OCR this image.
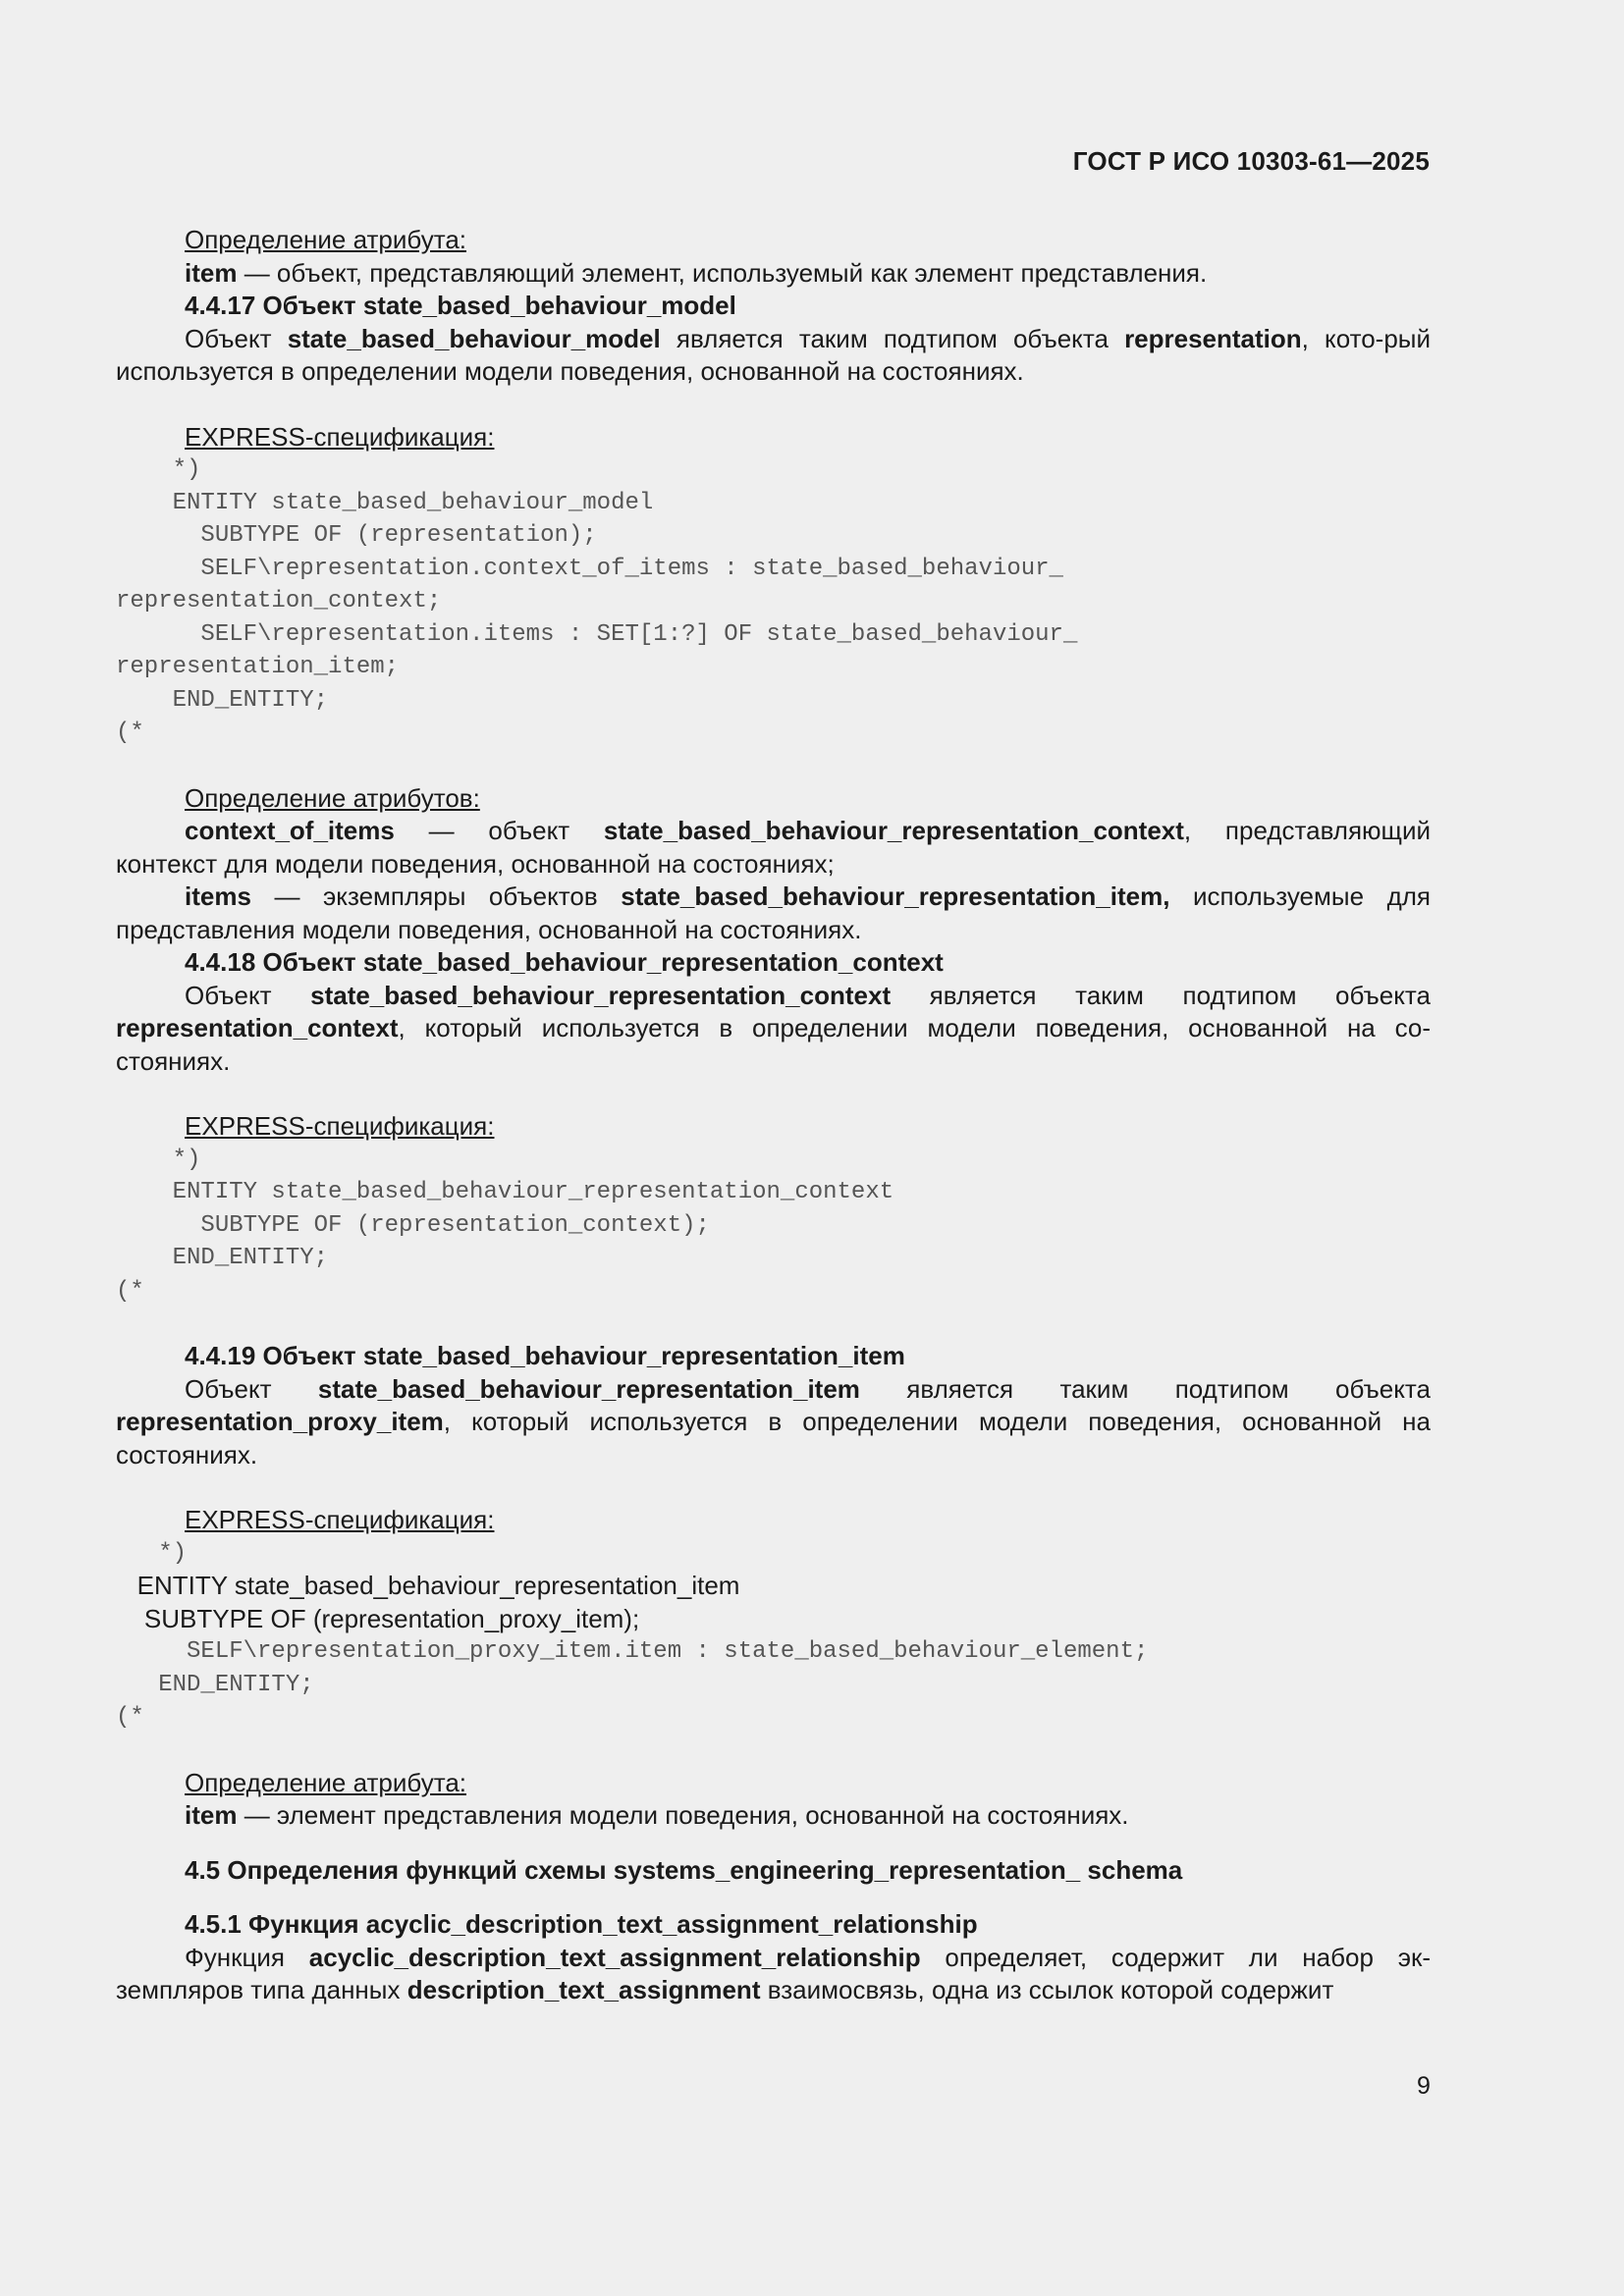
ГОСТ Р ИСО 10303-61—2025

Определение атрибута:

item — объект, представляющий элемент, используемый как элемент представления.

4.4.17 Объект state_based_behaviour_model

Объект state_based_behaviour_model является таким подтипом объекта representation, кото-рый используется в определении модели поведения, основанной на состояниях.

EXPRESS-спецификация:

*)

ENTITY state_based_behaviour_model

SUBTYPE OF (representation);

SELF\representation.context_of_items : state_based_behaviour_

representation_context;

SELF\representation.items : SET[1:?] OF state_based_behaviour_

representation_item;

END_ENTITY;

(*

Определение атрибутов:

context_of_items — объект state_based_behaviour_representation_context, представляющий контекст для модели поведения, основанной на состояниях;

items — экземпляры объектов state_based_behaviour_representation_item, используемые для представления модели поведения, основанной на состояниях.

4.4.18 Объект state_based_behaviour_representation_context

Объект state_based_behaviour_representation_context является таким подтипом объекта representation_context, который используется в определении модели поведения, основанной на со-стояниях.

EXPRESS-спецификация:

*)

ENTITY state_based_behaviour_representation_context

SUBTYPE OF (representation_context);

END_ENTITY;

(*

4.4.19 Объект state_based_behaviour_representation_item

Объект state_based_behaviour_representation_item является таким подтипом объекта representation_proxy_item, который используется в определении модели поведения, основанной на состояниях.

EXPRESS-спецификация:

*)

ENTITY state_based_behaviour_representation_item

SUBTYPE OF (representation_proxy_item);

SELF\representation_proxy_item.item : state_based_behaviour_element;

END_ENTITY;

(*

Определение атрибута:

item — элемент представления модели поведения, основанной на состояниях.

4.5 Определения функций схемы systems_engineering_representation_ schema

4.5.1 Функция acyclic_description_text_assignment_relationship

Функция acyclic_description_text_assignment_relationship определяет, содержит ли набор эк-земпляров типа данных description_text_assignment взаимосвязь, одна из ссылок которой содержит

9
